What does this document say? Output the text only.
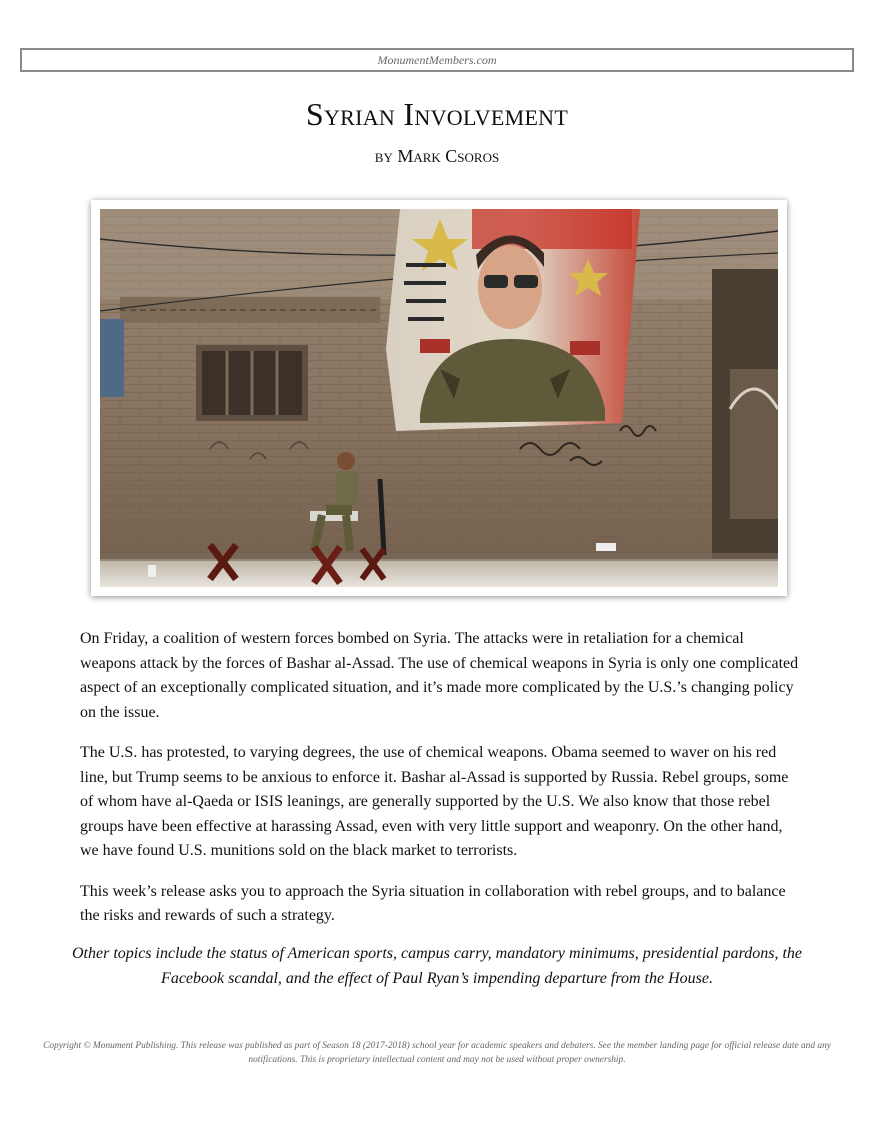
MonumentMembers.com
Syrian Involvement
by Mark Csoros

On Friday, a coalition of western forces bombed on Syria. The attacks were in retaliation for a chemical weapons attack by the forces of Bashar al-Assad. The use of chemical weapons in Syria is only one complicated aspect of an exceptionally complicated situation, and it’s made more complicated by the U.S.’s changing policy on the issue.

The U.S. has protested, to varying degrees, the use of chemical weapons. Obama seemed to waver on his red line, but Trump seems to be anxious to enforce it. Bashar al-Assad is supported by Russia. Rebel groups, some of whom have al-Qaeda or ISIS leanings, are generally supported by the U.S. We also know that those rebel groups have been effective at harassing Assad, even with very little support and weaponry. On the other hand, we have found U.S. munitions sold on the black market to terrorists.

This week’s release asks you to approach the Syria situation in collaboration with rebel groups, and to balance the risks and rewards of such a strategy.

Other topics include the status of American sports, campus carry, mandatory minimums, presidential pardons, the Facebook scandal, and the effect of Paul Ryan’s impending departure from the House.
Copyright © Monument Publishing. This release was published as part of Season 18 (2017-2018) school year for academic speakers and debaters. See the member landing page for official release date and any notifications. This is proprietary intellectual content and may not be used without proper ownership.
